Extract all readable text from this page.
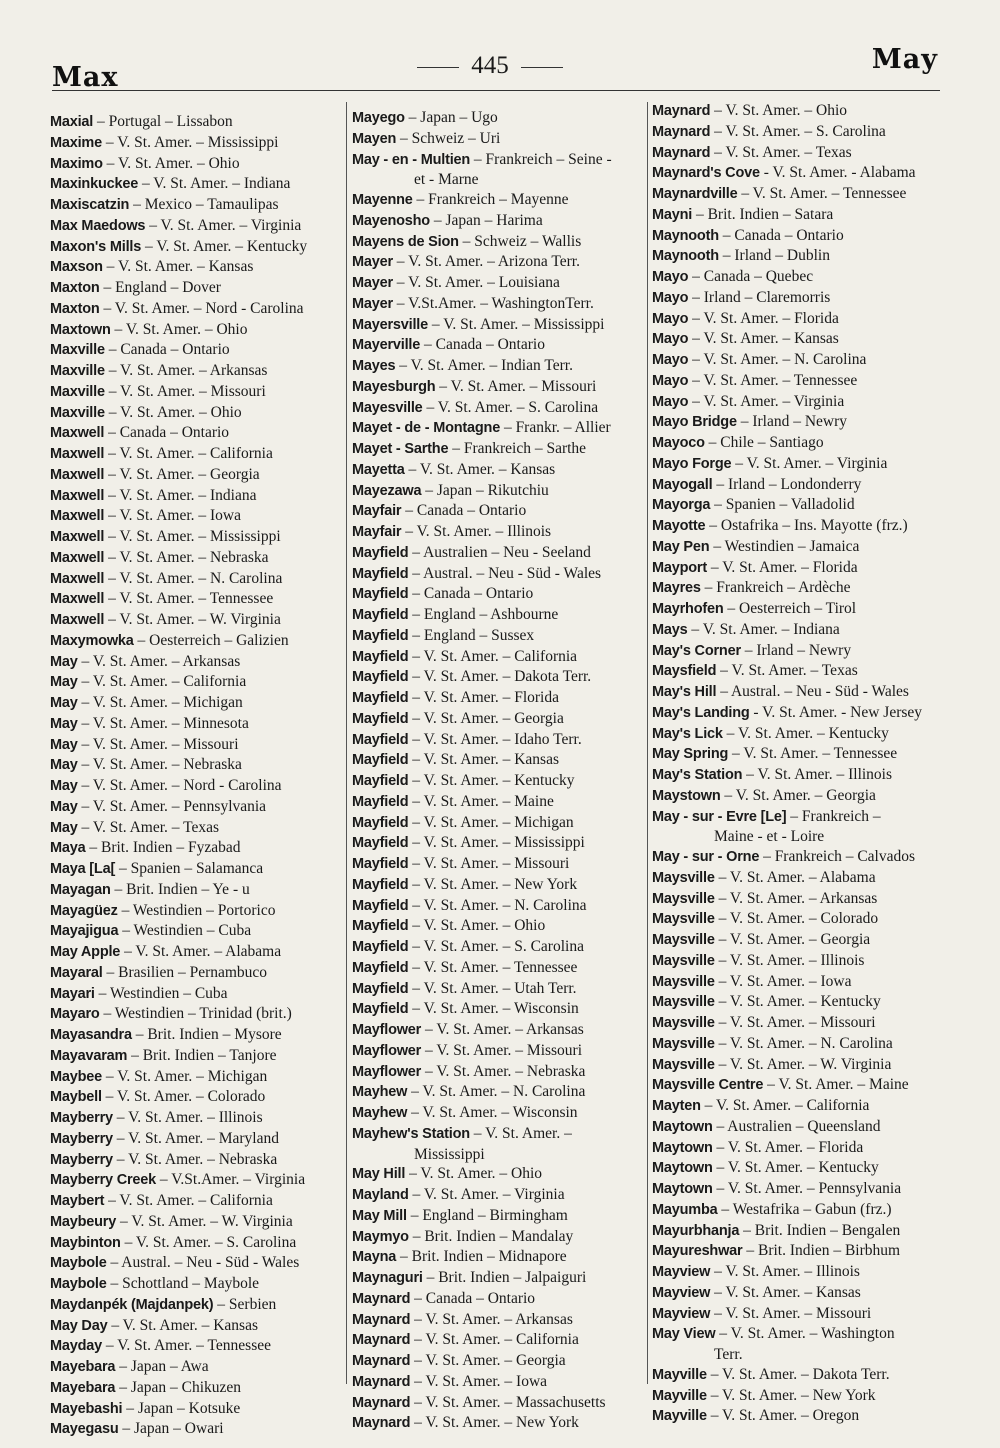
Max	445	May
Maxial – Portugal – Lissabon
Maxime – V. St. Amer. – Mississippi
Maximo – V. St. Amer. – Ohio
Maxinkuckee – V. St. Amer. – Indiana
Maxiscatzin – Mexico – Tamaulipas
Max Maedows – V. St. Amer. – Virginia
Maxon's Mills – V. St. Amer. – Kentucky
Maxson – V. St. Amer. – Kansas
Maxton – England – Dover
Maxton – V. St. Amer. – Nord - Carolina
Maxtown – V. St. Amer. – Ohio
Maxville – Canada – Ontario
Maxville – V. St. Amer. – Arkansas
Maxville – V. St. Amer. – Missouri
Maxville – V. St. Amer. – Ohio
Maxwell – Canada – Ontario
Maxwell – V. St. Amer. – California
Maxwell – V. St. Amer. – Georgia
Maxwell – V. St. Amer. – Indiana
Maxwell – V. St. Amer. – Iowa
Maxwell – V. St. Amer. – Mississippi
Maxwell – V. St. Amer. – Nebraska
Maxwell – V. St. Amer. – N. Carolina
Maxwell – V. St. Amer. – Tennessee
Maxwell – V. St. Amer. – W. Virginia
Maxymowka – Oesterreich – Galizien
May – V. St. Amer. – Arkansas
May – V. St. Amer. – California
May – V. St. Amer. – Michigan
May – V. St. Amer. – Minnesota
May – V. St. Amer. – Missouri
May – V. St. Amer. – Nebraska
May – V. St. Amer. – Nord - Carolina
May – V. St. Amer. – Pennsylvania
May – V. St. Amer. – Texas
Maya – Brit. Indien – Fyzabad
Maya [La[ – Spanien – Salamanca
Mayagan – Brit. Indien – Ye - u
Mayagüez – Westindien – Portorico
Mayajigua – Westindien – Cuba
May Apple – V. St. Amer. – Alabama
Mayaral – Brasilien – Pernambuco
Mayari – Westindien – Cuba
Mayaro – Westindien – Trinidad (brit.)
Mayasandra – Brit. Indien – Mysore
Mayavaram – Brit. Indien – Tanjore
Maybee – V. St. Amer. – Michigan
Maybell – V. St. Amer. – Colorado
Mayberry – V. St. Amer. – Illinois
Mayberry – V. St. Amer. – Maryland
Mayberry – V. St. Amer. – Nebraska
Mayberry Creek – V.St.Amer. – Virginia
Maybert – V. St. Amer. – California
Maybeury – V. St. Amer. – W. Virginia
Maybinton – V. St. Amer. – S. Carolina
Maybole – Austral. – Neu - Süd - Wales
Maybole – Schottland – Maybole
Maydanpék (Majdanpek) – Serbien
May Day – V. St. Amer. – Kansas
Mayday – V. St. Amer. – Tennessee
Mayebara – Japan – Awa
Mayebara – Japan – Chikuzen
Mayebashi – Japan – Kotsuke
Mayegasu – Japan – Owari
Mayego – Japan – Ugo
Mayen – Schweiz – Uri
May - en - Multien – Frankreich – Seine -
et - Marne
Mayenne – Frankreich – Mayenne
Mayenosho – Japan – Harima
Mayens de Sion – Schweiz – Wallis
Mayer – V. St. Amer. – Arizona Terr.
Mayer – V. St. Amer. – Louisiana
Mayer – V.St.Amer. – WashingtonTerr.
Mayersville – V. St. Amer. – Mississippi
Mayerville – Canada – Ontario
Mayes – V. St. Amer. – Indian Terr.
Mayesburgh – V. St. Amer. – Missouri
Mayesville – V. St. Amer. – S. Carolina
Mayet - de - Montagne – Frankr. – Allier
Mayet - Sarthe – Frankreich – Sarthe
Mayetta – V. St. Amer. – Kansas
Mayezawa – Japan – Rikutchiu
Mayfair – Canada – Ontario
Mayfair – V. St. Amer. – Illinois
Mayfield – Australien – Neu - Seeland
Mayfield – Austral. – Neu - Süd - Wales
Mayfield – Canada – Ontario
Mayfield – England – Ashbourne
Mayfield – England – Sussex
Mayfield – V. St. Amer. – California
Mayfield – V. St. Amer. – Dakota Terr.
Mayfield – V. St. Amer. – Florida
Mayfield – V. St. Amer. – Georgia
Mayfield – V. St. Amer. – Idaho Terr.
Mayfield – V. St. Amer. – Kansas
Mayfield – V. St. Amer. – Kentucky
Mayfield – V. St. Amer. – Maine
Mayfield – V. St. Amer. – Michigan
Mayfield – V. St. Amer. – Mississippi
Mayfield – V. St. Amer. – Missouri
Mayfield – V. St. Amer. – New York
Mayfield – V. St. Amer. – N. Carolina
Mayfield – V. St. Amer. – Ohio
Mayfield – V. St. Amer. – S. Carolina
Mayfield – V. St. Amer. – Tennessee
Mayfield – V. St. Amer. – Utah Terr.
Mayfield – V. St. Amer. – Wisconsin
Mayflower – V. St. Amer. – Arkansas
Mayflower – V. St. Amer. – Missouri
Mayflower – V. St. Amer. – Nebraska
Mayhew – V. St. Amer. – N. Carolina
Mayhew – V. St. Amer. – Wisconsin
Mayhew's Station – V. St. Amer. –
Mississippi
May Hill – V. St. Amer. – Ohio
Mayland – V. St. Amer. – Virginia
May Mill – England – Birmingham
Maymyo – Brit. Indien – Mandalay
Mayna – Brit. Indien – Midnapore
Maynaguri – Brit. Indien – Jalpaiguri
Maynard – Canada – Ontario
Maynard – V. St. Amer. – Arkansas
Maynard – V. St. Amer. – California
Maynard – V. St. Amer. – Georgia
Maynard – V. St. Amer. – Iowa
Maynard – V. St. Amer. – Massachusetts
Maynard – V. St. Amer. – New York
Maynard – V. St. Amer. – Ohio
Maynard – V. St. Amer. – S. Carolina
Maynard – V. St. Amer. – Texas
Maynard's Cove - V. St. Amer. - Alabama
Maynardville – V. St. Amer. – Tennessee
Mayni – Brit. Indien – Satara
Maynooth – Canada – Ontario
Maynooth – Irland – Dublin
Mayo – Canada – Quebec
Mayo – Irland – Claremorris
Mayo – V. St. Amer. – Florida
Mayo – V. St. Amer. – Kansas
Mayo – V. St. Amer. – N. Carolina
Mayo – V. St. Amer. – Tennessee
Mayo – V. St. Amer. – Virginia
Mayo Bridge – Irland – Newry
Mayoco – Chile – Santiago
Mayo Forge – V. St. Amer. – Virginia
Mayogall – Irland – Londonderry
Mayorga – Spanien – Valladolid
Mayotte – Ostafrika – Ins. Mayotte (frz.)
May Pen – Westindien – Jamaica
Mayport – V. St. Amer. – Florida
Mayres – Frankreich – Ardèche
Mayrhofen – Oesterreich – Tirol
Mays – V. St. Amer. – Indiana
May's Corner – Irland – Newry
Maysfield – V. St. Amer. – Texas
May's Hill – Austral. – Neu - Süd - Wales
May's Landing - V. St. Amer. - New Jersey
May's Lick – V. St. Amer. – Kentucky
May Spring – V. St. Amer. – Tennessee
May's Station – V. St. Amer. – Illinois
Maystown – V. St. Amer. – Georgia
May - sur - Evre [Le] – Frankreich –
Maine - et - Loire
May - sur - Orne – Frankreich – Calvados
Maysville – V. St. Amer. – Alabama
Maysville – V. St. Amer. – Arkansas
Maysville – V. St. Amer. – Colorado
Maysville – V. St. Amer. – Georgia
Maysville – V. St. Amer. – Illinois
Maysville – V. St. Amer. – Iowa
Maysville – V. St. Amer. – Kentucky
Maysville – V. St. Amer. – Missouri
Maysville – V. St. Amer. – N. Carolina
Maysville – V. St. Amer. – W. Virginia
Maysville Centre – V. St. Amer. – Maine
Mayten – V. St. Amer. – California
Maytown – Australien – Queensland
Maytown – V. St. Amer. – Florida
Maytown – V. St. Amer. – Kentucky
Maytown – V. St. Amer. – Pennsylvania
Mayumba – Westafrika – Gabun (frz.)
Mayurbhanja – Brit. Indien – Bengalen
Mayureshwar – Brit. Indien – Birbhum
Mayview – V. St. Amer. – Illinois
Mayview – V. St. Amer. – Kansas
Mayview – V. St. Amer. – Missouri
May View – V. St. Amer. – Washington
Terr.
Mayville – V. St. Amer. – Dakota Terr.
Mayville – V. St. Amer. – New York
Mayville – V. St. Amer. – Oregon
